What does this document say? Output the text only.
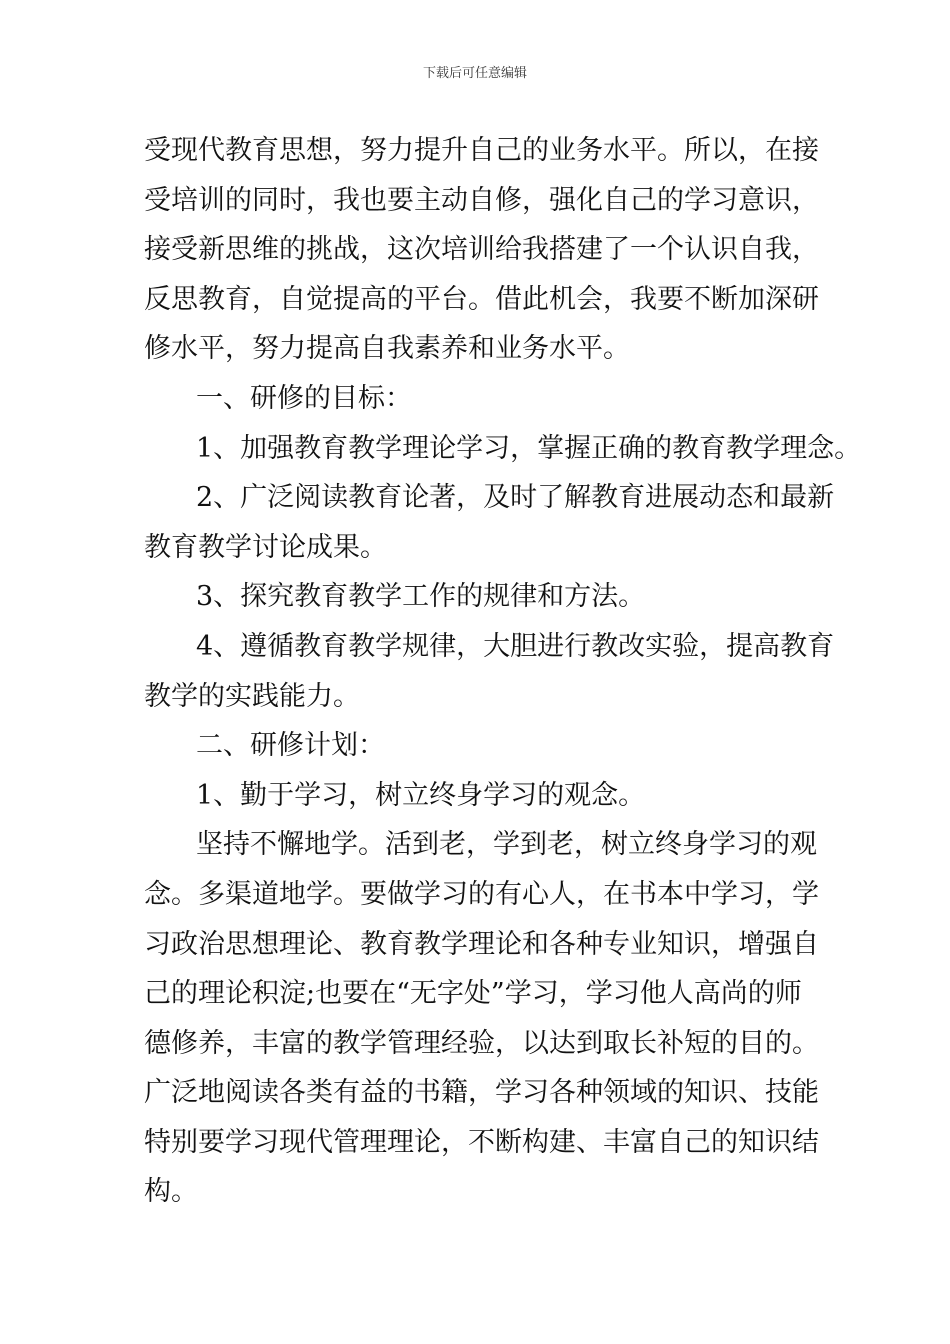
下载后可任意编辑
受现代教育思想，努力提升自己的业务水平。所以，在接
受培训的同时，我也要主动自修，强化自己的学习意识，
接受新思维的挑战，这次培训给我搭建了一个认识自我，
反思教育，自觉提高的平台。借此机会，我要不断加深研
修水平，努力提高自我素养和业务水平。
一、研修的目标：
1、加强教育教学理论学习，掌握正确的教育教学理念。
2、广泛阅读教育论著，及时了解教育进展动态和最新
教育教学讨论成果。
3、探究教育教学工作的规律和方法。
4、遵循教育教学规律，大胆进行教改实验，提高教育
教学的实践能力。
二、研修计划：
1、勤于学习，树立终身学习的观念。
坚持不懈地学。活到老，学到老，树立终身学习的观
念。多渠道地学。要做学习的有心人，在书本中学习，学
习政治思想理论、教育教学理论和各种专业知识，增强自
己的理论积淀;也要在“无字处”学习，学习他人高尚的师
德修养，丰富的教学管理经验，以达到取长补短的目的。
广泛地阅读各类有益的书籍，学习各种领域的知识、技能
特别要学习现代管理理论，不断构建、丰富自己的知识结
构。
